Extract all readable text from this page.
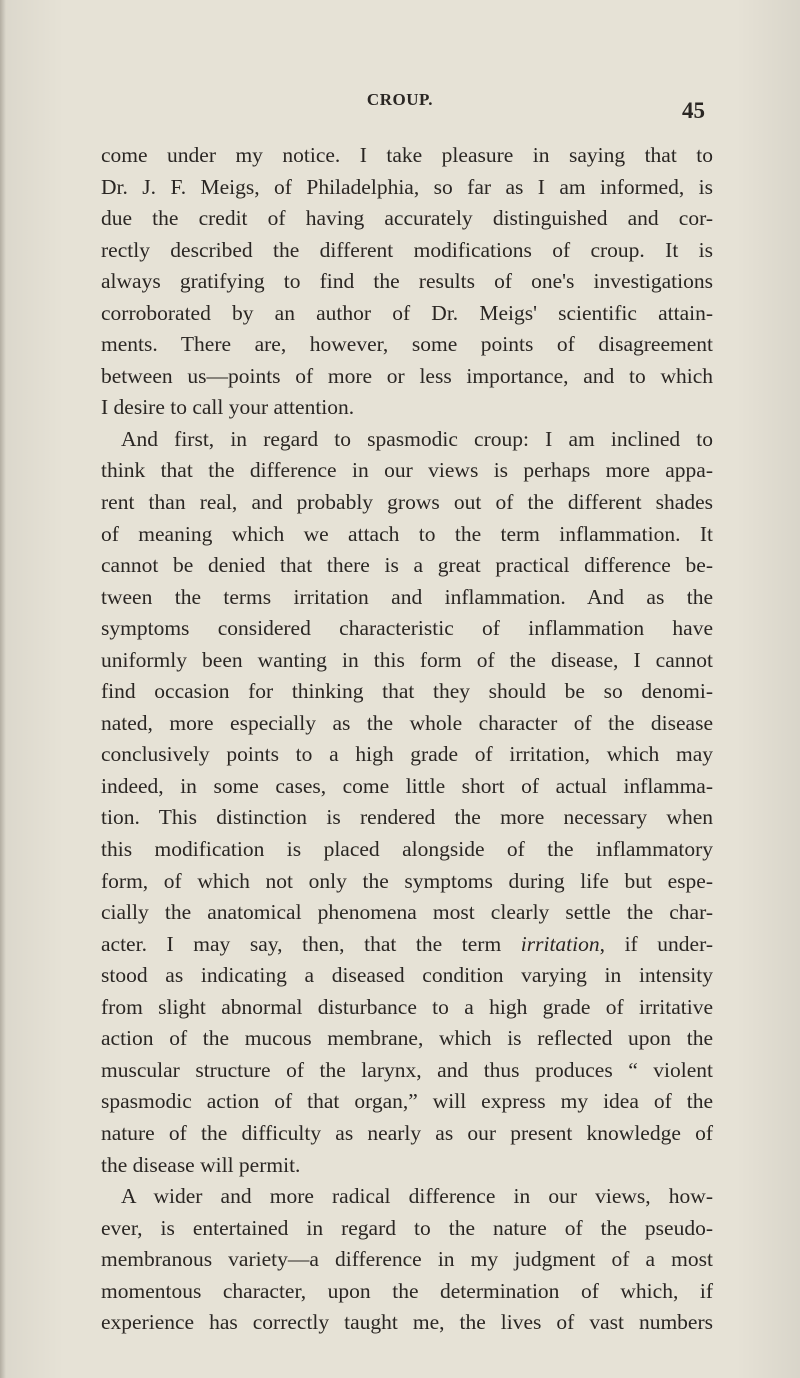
CROUP.	45
come under my notice. I take pleasure in saying that to
Dr. J. F. Meigs, of Philadelphia, so far as I am informed, is
due the credit of having accurately distinguished and cor-
rectly described the different modifications of croup. It is
always gratifying to find the results of one's investigations
corroborated by an author of Dr. Meigs' scientific attain-
ments. There are, however, some points of disagreement
between us—points of more or less importance, and to which
I desire to call your attention.
And first, in regard to spasmodic croup: I am inclined to
think that the difference in our views is perhaps more appa-
rent than real, and probably grows out of the different shades
of meaning which we attach to the term inflammation. It
cannot be denied that there is a great practical difference be-
tween the terms irritation and inflammation. And as the
symptoms considered characteristic of inflammation have
uniformly been wanting in this form of the disease, I cannot
find occasion for thinking that they should be so denomi-
nated, more especially as the whole character of the disease
conclusively points to a high grade of irritation, which may
indeed, in some cases, come little short of actual inflamma-
tion. This distinction is rendered the more necessary when
this modification is placed alongside of the inflammatory
form, of which not only the symptoms during life but espe-
cially the anatomical phenomena most clearly settle the char-
acter. I may say, then, that the term irritation, if under-
stood as indicating a diseased condition varying in intensity
from slight abnormal disturbance to a high grade of irritative
action of the mucous membrane, which is reflected upon the
muscular structure of the larynx, and thus produces “ violent
spasmodic action of that organ,” will express my idea of the
nature of the difficulty as nearly as our present knowledge of
the disease will permit.
A wider and more radical difference in our views, how-
ever, is entertained in regard to the nature of the pseudo-
membranous variety—a difference in my judgment of a most
momentous character, upon the determination of which, if
experience has correctly taught me, the lives of vast numbers
